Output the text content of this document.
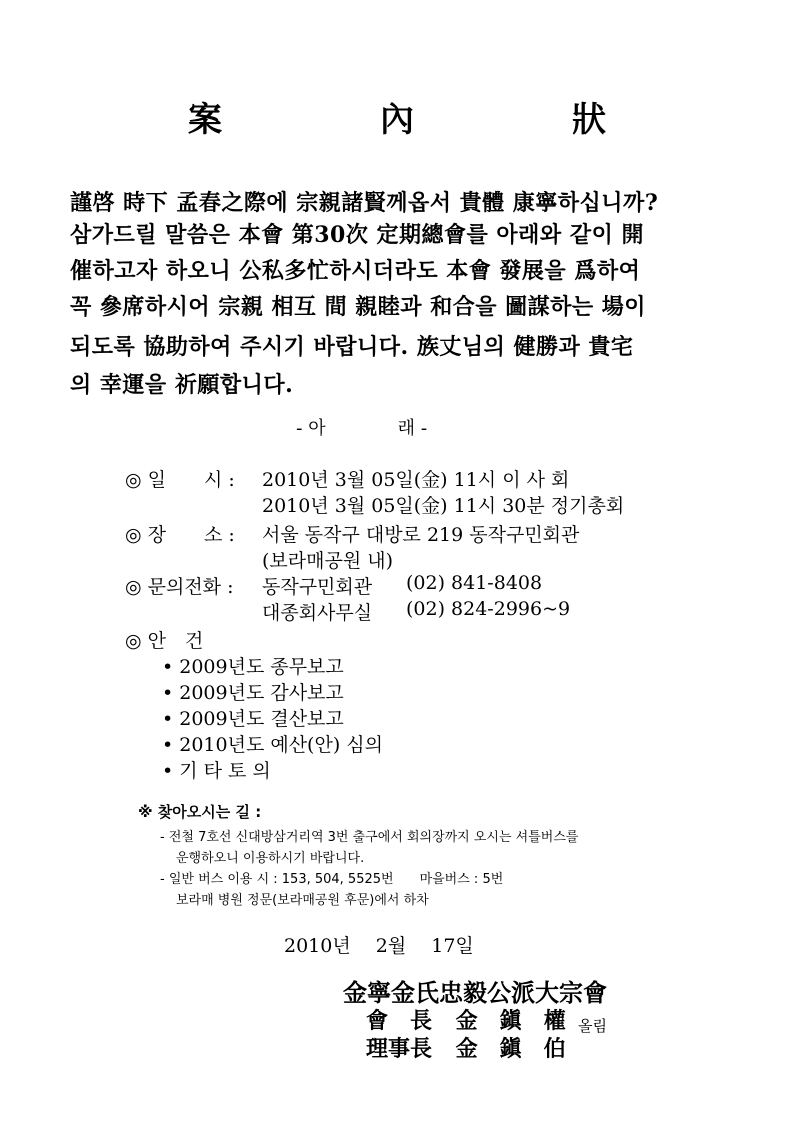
案　內　狀
謹啓 時下 孟春之際에 宗親諸賢께옵서 貴體 康寧하십니까?
삼가드릴 말씀은 本會 第30次 定期總會를 아래와 같이 開
催하고자 하오니 公私多忙하시더라도 本會 發展을 爲하여
꼭 參席하시어 宗親 相互 間 親睦과 和合을 圖謀하는 場이
되도록 協助하여 주시기 바랍니다. 族丈님의 健勝과 貴宅
의 幸運을 祈願합니다.
- 아　　　　래 -
◎ 일　　시 : 2010년 3월 05일(金) 11시 이 사 회
2010년 3월 05일(金) 11시 30분 정기총회
◎ 장　　소 : 서울 동작구 대방로 219 동작구민회관
(보라매공원 내)
◎ 문의전화 : 동작구민회관 (02) 841-8408
대종회사무실 (02) 824-2996~9
◎ 안　건
• 2009년도 종무보고
• 2009년도 감사보고
• 2009년도 결산보고
• 2010년도 예산(안) 심의
• 기 타 토 의
※ 찾아오시는 길 :
- 전철 7호선 신대방삼거리역 3번 출구에서 회의장까지 오시는 셔틀버스를
운행하오니 이용하시기 바랍니다.
- 일반 버스 이용 시 : 153, 504, 5525번　　마을버스 : 5번
보라매 병원 정문(보라매공원 후문)에서 하차
2010년　 2월　 17일
金寧金氏忠毅公派大宗會
會　長 金　鎭　權 올림
理事長 金　鎭　伯
